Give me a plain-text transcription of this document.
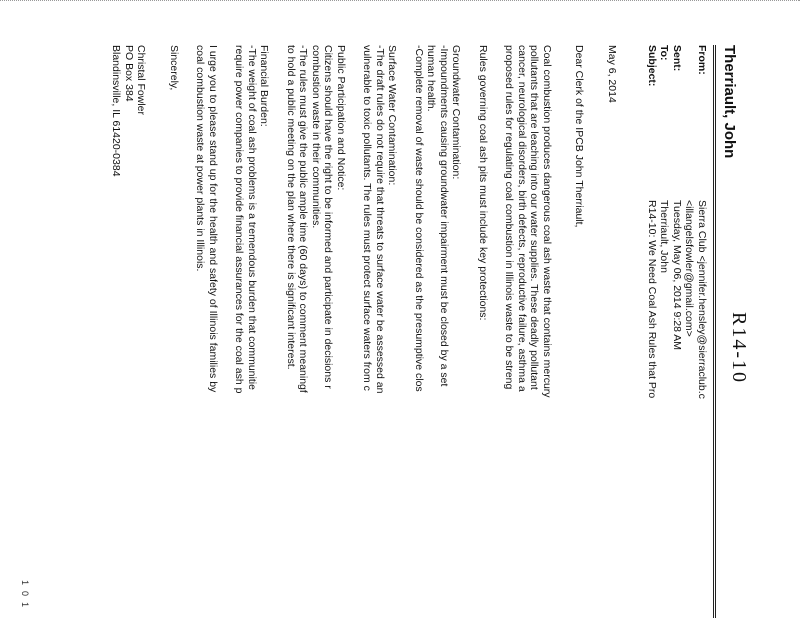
R14-10
Therriault, John
From:
Sierra Club <jennifer.hensley@sierraclub.c
<illangelsfowler@gmail.com>
Sent:
Tuesday, May 06, 2014 9:28 AM
To:
Therriault, John
Subject:
R14-10: We Need Coal Ash Rules that Pro

May 6, 2014

Dear Clerk of the IPCB John Therriault,

Coal combustion produces dangerous coal ash waste that contains mercury

pollutants that are leaching into our water supplies. These deadly pollutant

cancer, neurological disorders, birth defects, reproductive failure, asthma a

proposed rules for regulating coal combustion in Illinois waste to be streng

Rules governing coal ash pits must include key protections:

Groundwater Contamination:

-Impoundments causing groundwater impairment must be closed by a set

human health.

-Complete removal of waste should be considered as the presumptive clos

Surface Water Contamination:

-The draft rules do not require that threats to surface water be assessed an

vulnerable to toxic pollutants. The rules must protect surface waters from c

Public Participation and Notice:

Citizens should have the right to be informed and participate in decisions r

combustion waste in their communities.

-The rules must give the public ample time (60 days) to comment meaningf

to hold a public meeting on the plan where there is significant interest.

Financial Burden:

-The weight of coal ash problems is a tremendous burden that communitie

require power companies to provide financial assurances for the coal ash p

I urge you to please stand up for the health and safety of Illinois families by

coal combustion waste at power plants in Illinois.

Sincerely,

Christal Fowler

PO Box 384

Blandinsville, IL 61420-0384

101
